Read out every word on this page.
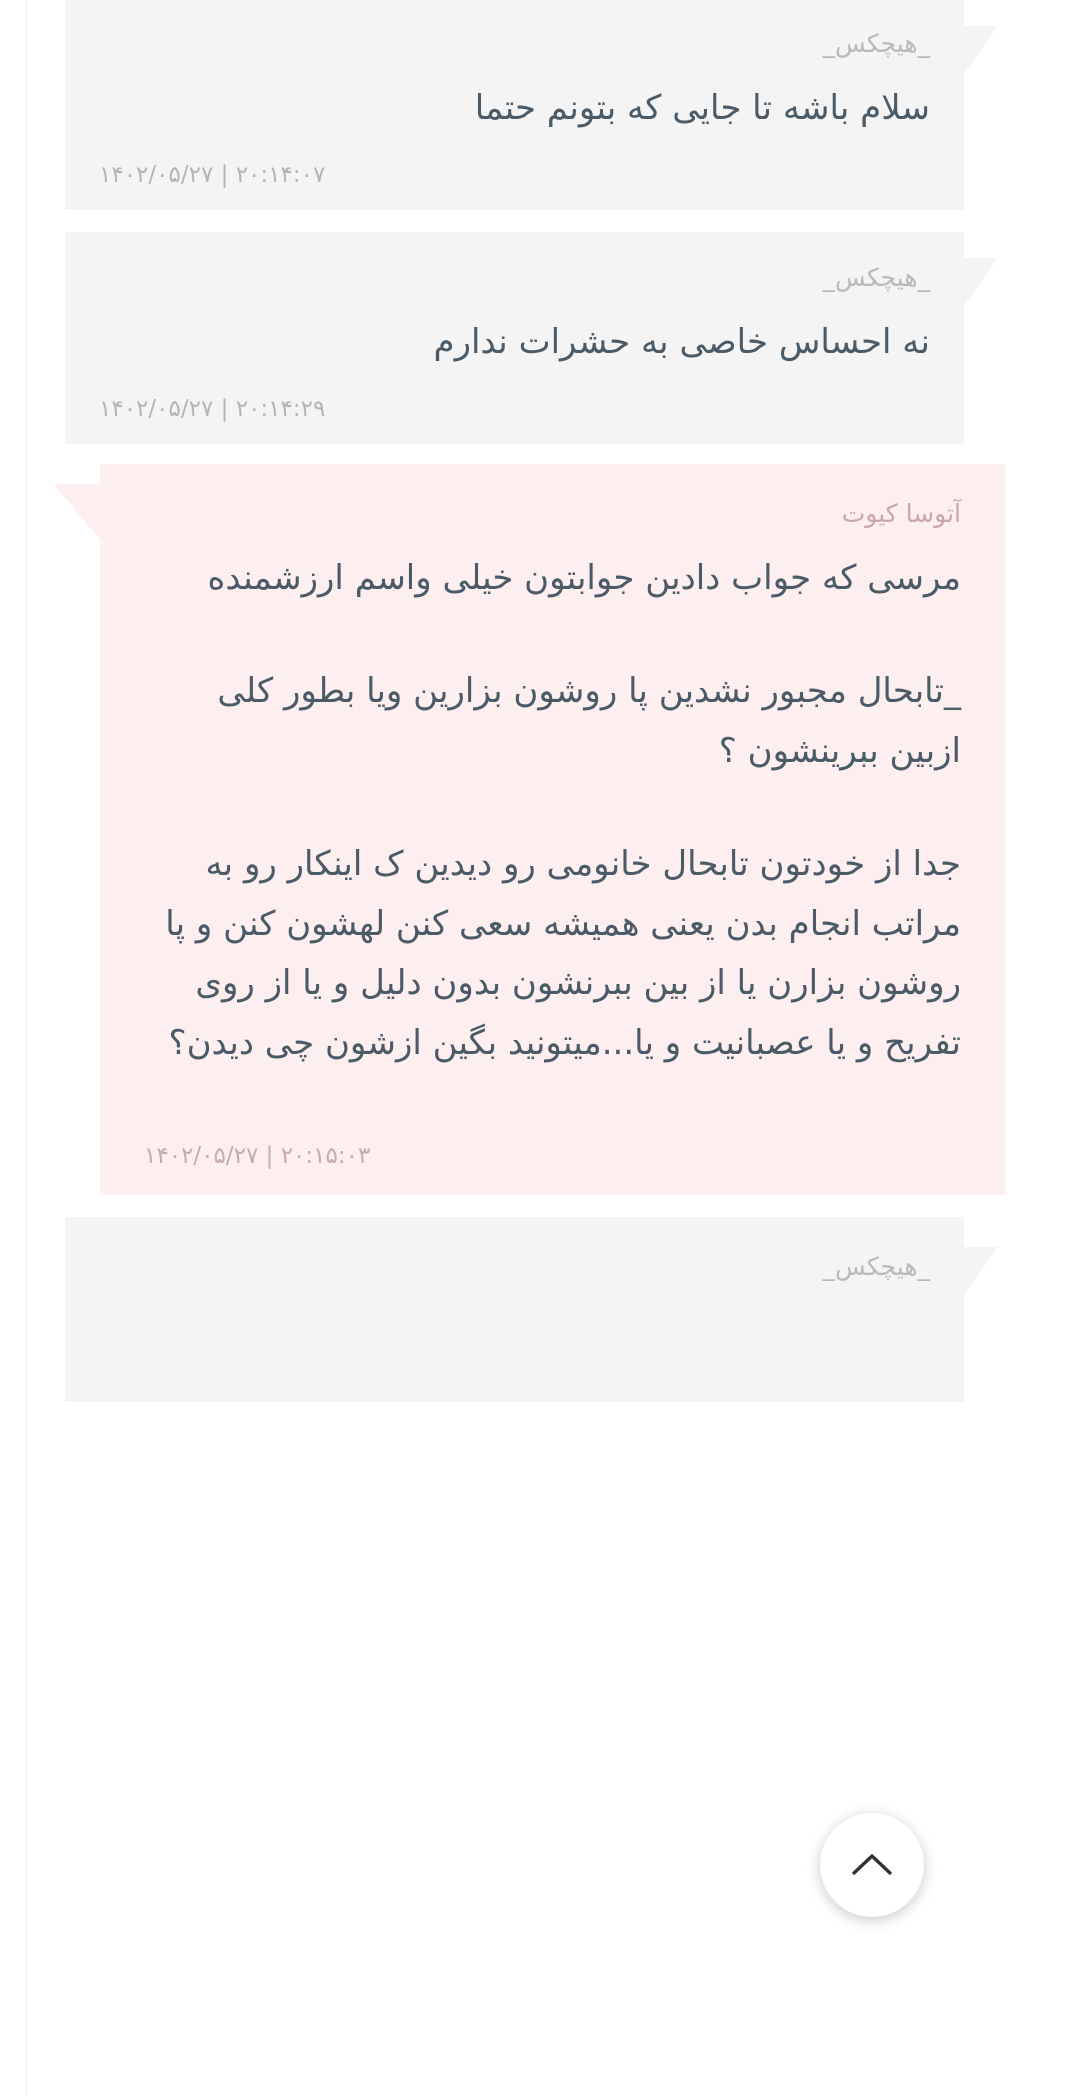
_هیچکس_
سلام باشه تا جایی که بتونم حتما
۱۴۰۲/۰۵/۲۷ | ۲۰:۱۴:۰۷
_هیچکس_
نه احساس خاصی به حشرات ندارم
۱۴۰۲/۰۵/۲۷ | ۲۰:۱۴:۲۹
آتوسا کیوت
مرسی که جواب دادین جوابتون خیلی واسم ارزشمنده
_تابحال مجبور نشدین پا روشون بزارین ویا بطور کلی ازبین ببرینشون ؟
جدا از خودتون تابحال خانومی رو دیدین ک اینکار رو به مراتب انجام بدن یعنی همیشه سعی کنن لهشون کنن و پا روشون بزارن یا از بین ببرنشون بدون دلیل و یا از روی تفریح و یا عصبانیت و یا...میتونید بگین ازشون چی دیدن؟
۱۴۰۲/۰۵/۲۷ | ۲۰:۱۵:۰۳
_هیچکس_
